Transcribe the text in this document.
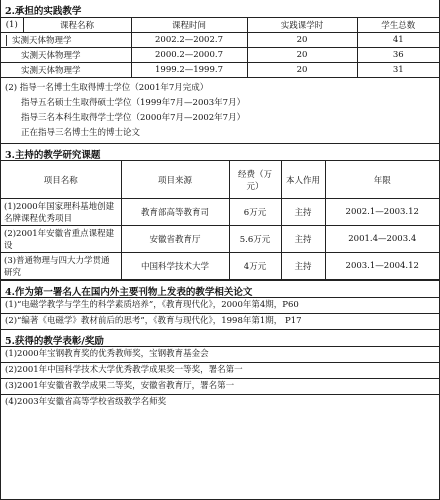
2.承担的实践教学
(1)	课程名称	课程时间	实践课学时	学生总数
实测天体物理学		2002.2—2002.7	20	41
实测天体物理学		2000.2—2000.7	20	36
实测天体物理学		1999.2—1999.7	20	31
(2) 指导一名博士生取得博士学位（2001年7月完成）
指导五名硕士生取得硕士学位（1999年7月—2003年7月）
指导三名本科生取得学士学位（2000年7月—2002年7月）
正在指导三名博士生的博士论文
3.主持的教学研究课题
项目名称	项目来源	经费（万元）	本人作用	年限
(1)2000年国家理科基地创建名牌课程优秀项目	教育部高等教育司	6万元	主持	2002.1—2003.12
(2)2001年安徽省重点课程建设	安徽省教育厅	5.6万元	主持	2001.4—2003.4
(3)普通物理与四大力学贯通研究	中国科学技术大学	4万元	主持	2003.1—2004.12
4.作为第一署名人在国内外主要刊物上发表的教学相关论文
(1)“电磁学教学与学生的科学素质培养”，《教育现代化》，2000年第4期，P60
(2)“编著《电磁学》教材前后的思考”，《教育与现代化》，1998年第1期， P17
5.获得的教学表彰/奖励
(1)2000年宝钢教育奖的优秀教师奖，宝钢教育基金会
(2)2001年中国科学技术大学优秀教学成果奖一等奖，署名第一
(3)2001年安徽省教学成果二等奖，安徽省教育厅，署名第一
(4)2003年安徽省高等学校省级教学名师奖
